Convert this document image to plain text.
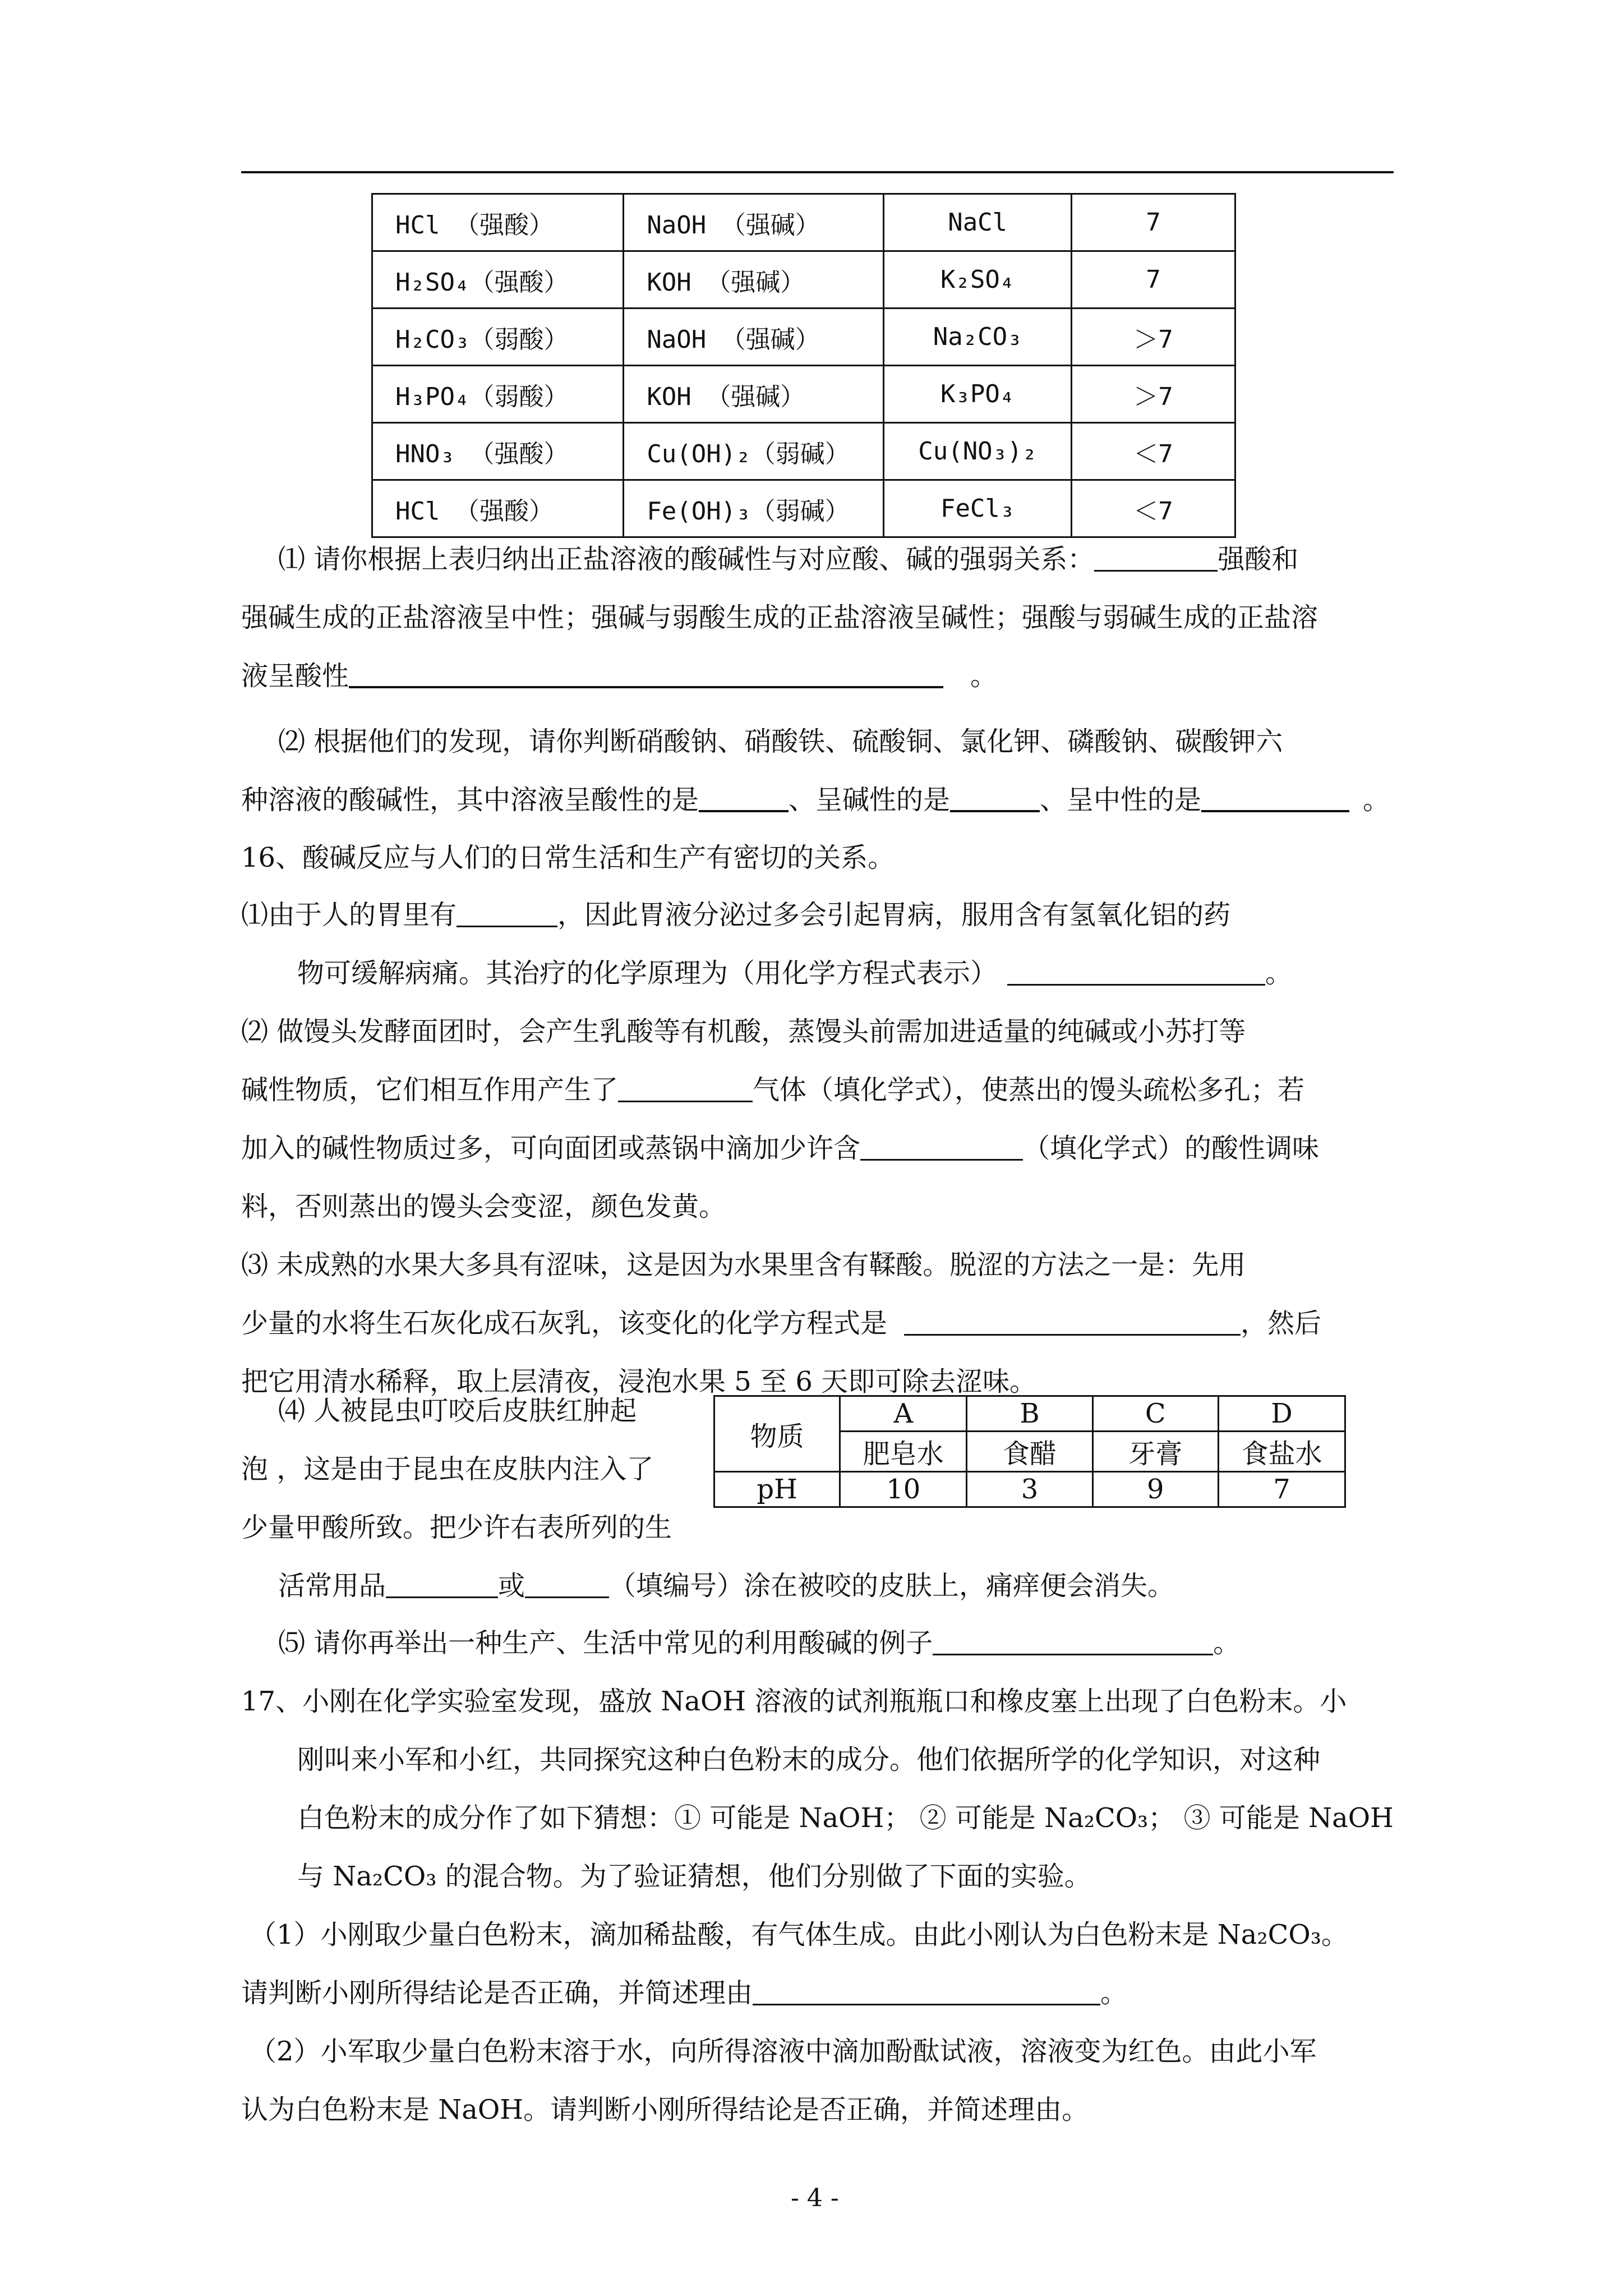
HCl （强酸）	NaOH （强碱）	NaCl	7
H₂SO₄（强酸）	KOH （强碱）	K₂SO₄	7
H₂CO₃（弱酸）	NaOH （强碱）	Na₂CO₃	＞7
H₃PO₄（弱酸）	KOH （强碱）	K₃PO₄	＞7
HNO₃ （强酸）	Cu(OH)₂（弱碱）	Cu(NO₃)₂	＜7
HCl （强酸）	Fe(OH)₃（弱碱）	FeCl₃	＜7
⑴ 请你根据上表归纳出正盐溶液的酸碱性与对应酸、碱的强弱关系：	强酸和
强碱生成的正盐溶液呈中性；强碱与弱酸生成的正盐溶液呈碱性；强酸与弱碱生成的正盐溶
液呈酸性	。
⑵ 根据他们的发现，请你判断硝酸钠、硝酸铁、硫酸铜、氯化钾、磷酸钠、碳酸钾六
种溶液的酸碱性，其中溶液呈酸性的是	、呈碱性的是	、呈中性的是	。
16、酸碱反应与人们的日常生活和生产有密切的关系。
⑴由于人的胃里有	，因此胃液分泌过多会引起胃病，服用含有氢氧化铝的药
物可缓解病痛。其治疗的化学原理为（用化学方程式表示）	。
⑵ 做馒头发酵面团时，会产生乳酸等有机酸，蒸馒头前需加进适量的纯碱或小苏打等
碱性物质，它们相互作用产生了	气体（填化学式），使蒸出的馒头疏松多孔；若
加入的碱性物质过多，可向面团或蒸锅中滴加少许含	（填化学式）的酸性调味
料，否则蒸出的馒头会变涩，颜色发黄。
⑶ 未成熟的水果大多具有涩味，这是因为水果里含有鞣酸。脱涩的方法之一是：先用
少量的水将生石灰化成石灰乳，该变化的化学方程式是	，然后
把它用清水稀释，取上层清夜，浸泡水果 5 至 6 天即可除去涩味。
⑷ 人被昆虫叮咬后皮肤红肿起
泡 ，这是由于昆虫在皮肤内注入了
少量甲酸所致。把少许右表所列的生
活常用品	或	（填编号）涂在被咬的皮肤上，痛痒便会消失。
物质	A	B	C	D
	肥皂水	食醋	牙膏	食盐水
pH	10	3	9	7
⑸ 请你再举出一种生产、生活中常见的利用酸碱的例子	。
17、小刚在化学实验室发现，盛放 NaOH 溶液的试剂瓶瓶口和橡皮塞上出现了白色粉末。小
刚叫来小军和小红，共同探究这种白色粉末的成分。他们依据所学的化学知识，对这种
白色粉末的成分作了如下猜想：① 可能是 NaOH； ② 可能是 Na₂CO₃； ③ 可能是 NaOH
与 Na₂CO₃ 的混合物。为了验证猜想，他们分别做了下面的实验。
（1）小刚取少量白色粉末，滴加稀盐酸，有气体生成。由此小刚认为白色粉末是 Na₂CO₃。
请判断小刚所得结论是否正确，并简述理由	。
（2）小军取少量白色粉末溶于水，向所得溶液中滴加酚酞试液，溶液变为红色。由此小军
认为白色粉末是 NaOH。请判断小刚所得结论是否正确，并简述理由。
- 4 -
